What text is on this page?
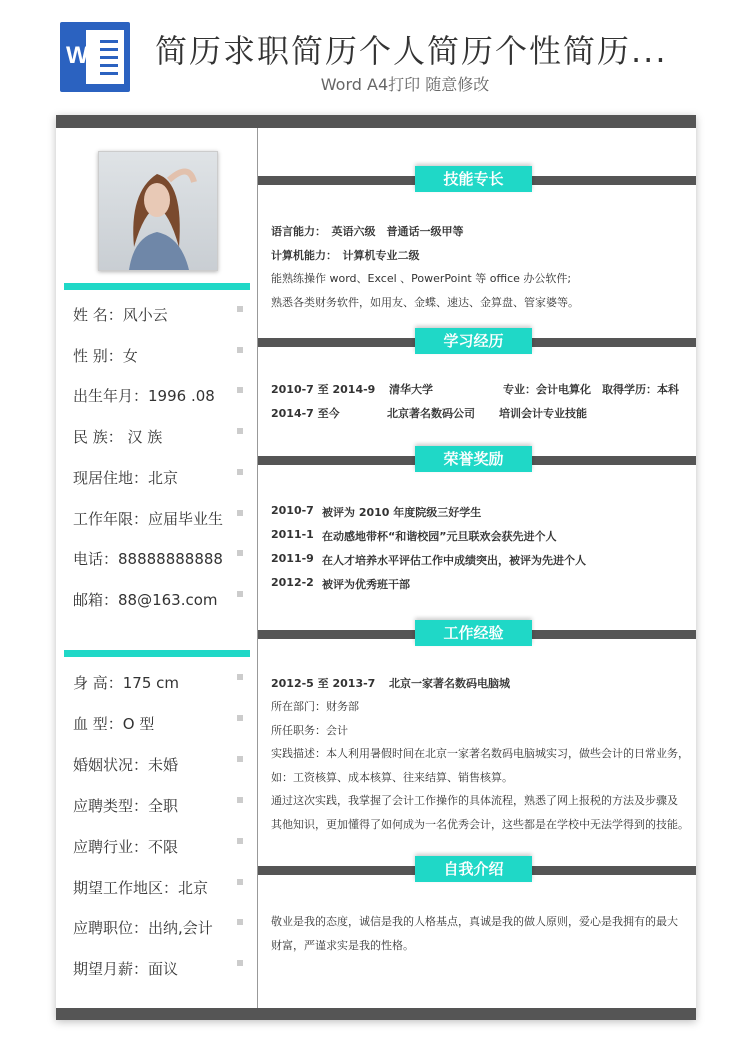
W 简历求职简历个人简历个性简历...
Word A4打印 随意修改
姓 名：风小云
性 别：女
出生年月：1996 .08
民 族： 汉 族
现居住地：北京
工作年限：应届毕业生
电话：88888888888
邮箱：88@163.com
身 高：175 cm
血 型：O 型
婚姻状况：未婚
应聘类型：全职
应聘行业：不限
期望工作地区：北京
应聘职位：出纳,会计
期望月薪：面议
技能专长
语言能力：　英语六级　普通话一级甲等
计算机能力：　计算机专业二级
能熟练操作 word、Excel 、PowerPoint 等 office 办公软件;
熟悉各类财务软件，如用友、金蝶、速达、金算盘、管家婆等。
学习经历
2010-7 至 2014-9 清华大学	专业：会计电算化　取得学历：本科
2014-7 至今	北京著名数码公司 培训会计专业技能
荣誉奖励
2010-7 被评为 2010 年度院级三好学生
2011-1 在动感地带杯“和谐校园”元旦联欢会获先进个人
2011-9 在人才培养水平评估工作中成绩突出，被评为先进个人
2012-2 被评为优秀班干部
工作经验
2012-5 至 2013-7 北京一家著名数码电脑城
所在部门：财务部
所任职务：会计
实践描述：本人利用暑假时间在北京一家著名数码电脑城实习，做些会计的日常业务，
如：工资核算、成本核算、往来结算、销售核算。
通过这次实践，我掌握了会计工作操作的具体流程，熟悉了网上报税的方法及步骤及
其他知识，更加懂得了如何成为一名优秀会计，这些都是在学校中无法学得到的技能。
自我介绍
敬业是我的态度，诚信是我的人格基点，真诚是我的做人原则，爱心是我拥有的最大
财富，严谨求实是我的性格。
